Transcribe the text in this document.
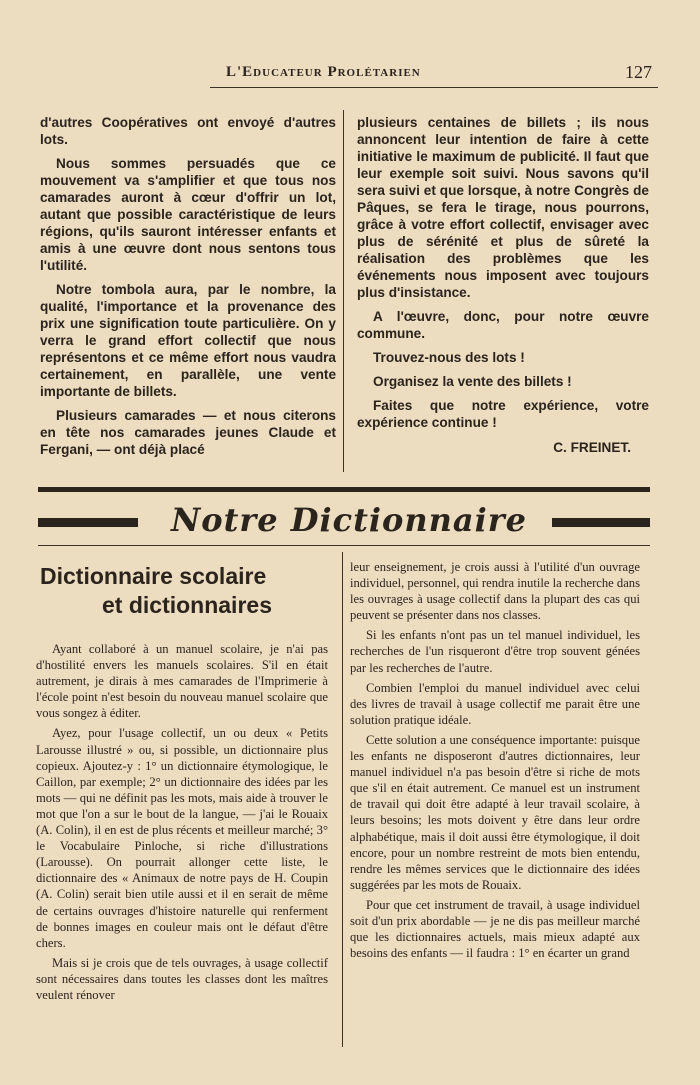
L'Educateur Prolétarien	127

d'autres Coopératives ont envoyé d'autres lots.

Nous sommes persuadés que ce mouvement va s'amplifier et que tous nos camarades auront à cœur d'offrir un lot, autant que possible caractéristique de leurs régions, qu'ils sauront intéresser enfants et amis à une œuvre dont nous sentons tous l'utilité.

Notre tombola aura, par le nombre, la qualité, l'importance et la provenance des prix une signification toute particulière. On y verra le grand effort collectif que nous représentons et ce même effort nous vaudra certainement, en parallèle, une vente importante de billets.

Plusieurs camarades — et nous citerons en tête nos camarades jeunes Claude et Fergani, — ont déjà placé

plusieurs centaines de billets ; ils nous annoncent leur intention de faire à cette initiative le maximum de publicité. Il faut que leur exemple soit suivi. Nous savons qu'il sera suivi et que lorsque, à notre Congrès de Pâques, se fera le tirage, nous pourrons, grâce à votre effort collectif, envisager avec plus de sérénité et plus de sûreté la réalisation des problèmes que les événements nous imposent avec toujours plus d'insistance.

A l'œuvre, donc, pour notre œuvre commune.

Trouvez-nous des lots !

Organisez la vente des billets !

Faites que notre expérience, votre expérience continue !

C. FREINET.
Notre Dictionnaire
Dictionnaire scolaire
et dictionnaires

Ayant collaboré à un manuel scolaire, je n'ai pas d'hostilité envers les manuels scolaires. S'il en était autrement, je dirais à mes camarades de l'Imprimerie à l'école point n'est besoin du nouveau manuel scolaire que vous songez à éditer.

Ayez, pour l'usage collectif, un ou deux « Petits Larousse illustré » ou, si possible, un dictionnaire plus copieux. Ajoutez-y : 1° un dictionnaire étymologique, le Caillon, par exemple; 2° un dictionnaire des idées par les mots — qui ne définit pas les mots, mais aide à trouver le mot que l'on a sur le bout de la langue, — j'ai le Rouaix (A. Colin), il en est de plus récents et meilleur marché; 3° le Vocabulaire Pinloche, si riche d'illustrations (Larousse). On pourrait allonger cette liste, le dictionnaire des « Animaux de notre pays de H. Coupin (A. Colin) serait bien utile aussi et il en serait de même de certains ouvrages d'histoire naturelle qui renferment de bonnes images en couleur mais ont le défaut d'être chers.

Mais si je crois que de tels ouvrages, à usage collectif sont nécessaires dans toutes les classes dont les maîtres veulent rénover

leur enseignement, je crois aussi à l'utilité d'un ouvrage individuel, personnel, qui rendra inutile la recherche dans les ouvrages à usage collectif dans la plupart des cas qui peuvent se présenter dans nos classes.

Si les enfants n'ont pas un tel manuel individuel, les recherches de l'un risqueront d'être trop souvent génées par les recherches de l'autre.

Combien l'emploi du manuel individuel avec celui des livres de travail à usage collectif me parait être une solution pratique idéale.

Cette solution a une conséquence importante: puisque les enfants ne disposeront d'autres dictionnaires, leur manuel individuel n'a pas besoin d'être si riche de mots que s'il en était autrement. Ce manuel est un instrument de travail qui doit être adapté à leur travail scolaire, à leurs besoins; les mots doivent y être dans leur ordre alphabétique, mais il doit aussi être étymologique, il doit encore, pour un nombre restreint de mots bien entendu, rendre les mêmes services que le dictionnaire des idées suggérées par les mots de Rouaix.

Pour que cet instrument de travail, à usage individuel soit d'un prix abordable — je ne dis pas meilleur marché que les dictionnaires actuels, mais mieux adapté aux besoins des enfants — il faudra : 1° en écarter un grand
